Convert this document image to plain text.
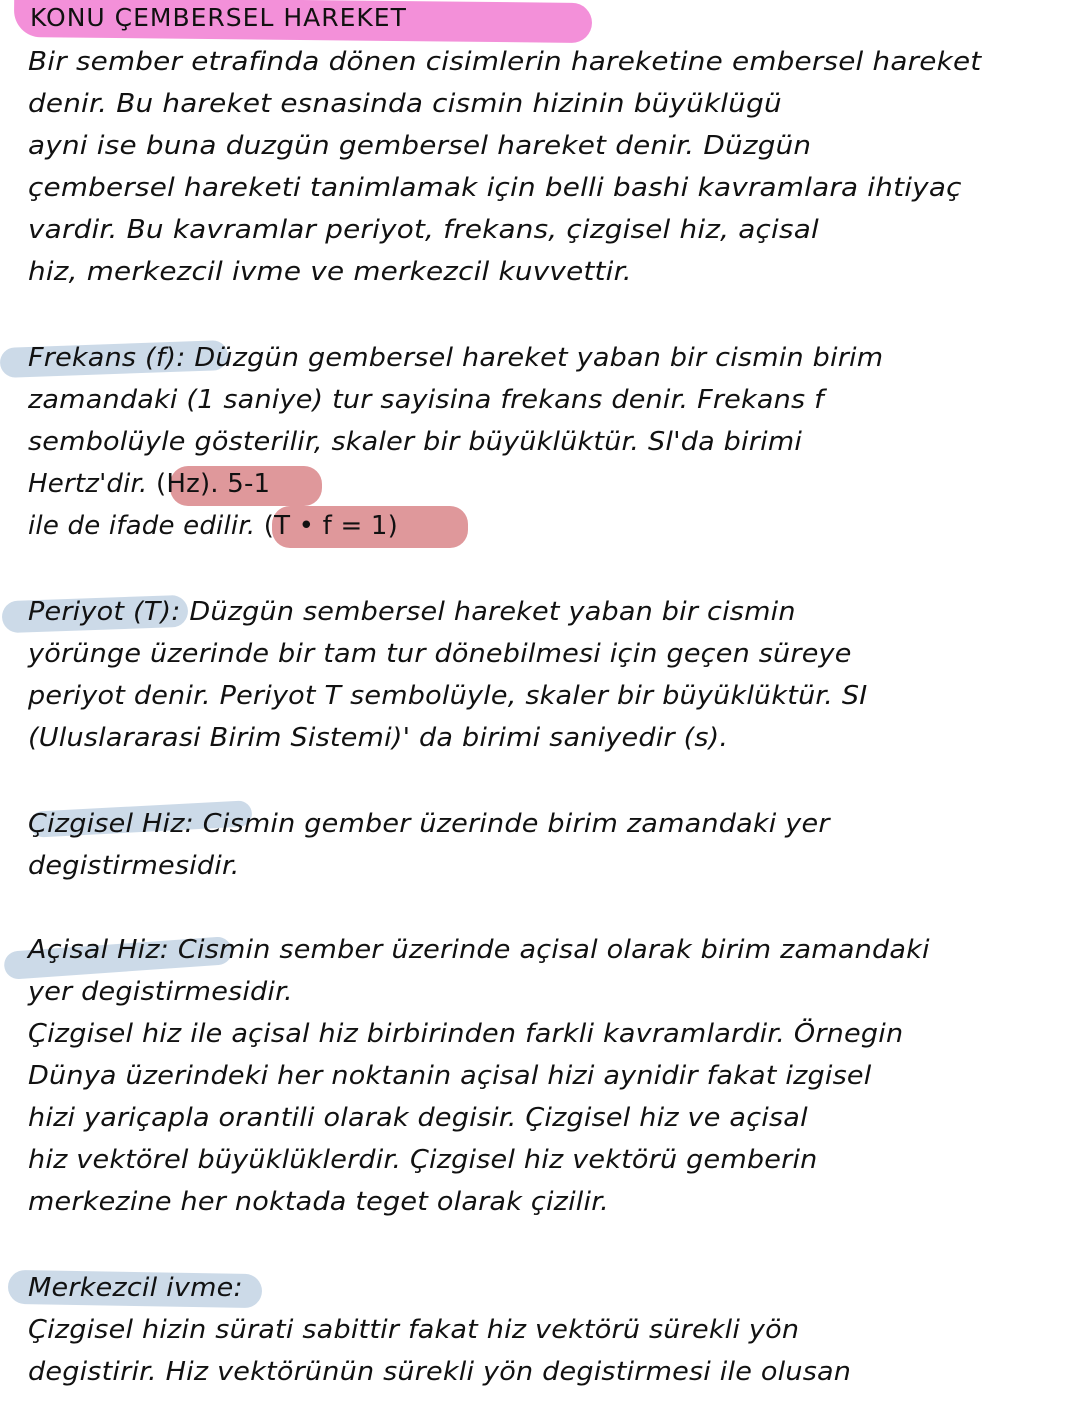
KONU ÇEMBERSEL HAREKET
Bir sember etrafinda dönen cisimlerin hareketine embersel hareket
denir. Bu hareket esnasinda cismin hizinin büyüklügü
ayni ise buna duzgün gembersel hareket denir. Düzgün
çembersel hareketi tanimlamak için belli bashi kavramlara ihtiyaç
vardir. Bu kavramlar periyot, frekans, çizgisel hiz, açisal
hiz, merkezcil ivme ve merkezcil kuvvettir.
Frekans (f): Düzgün gembersel hareket yaban bir cismin birim
zamandaki (1 saniye) tur sayisina frekans denir. Frekans f
sembolüyle gösterilir, skaler bir büyüklüktür. Sl'da birimi
Hertz'dir. (Hz). 5-1
ile de ifade edilir. (T • f = 1)
Periyot (T): Düzgün sembersel hareket yaban bir cismin
yörünge üzerinde bir tam tur dönebilmesi için geçen süreye
periyot denir. Periyot T sembolüyle, skaler bir büyüklüktür. SI
(Uluslararasi Birim Sistemi)' da birimi saniyedir (s).
Çizgisel Hiz: Cismin gember üzerinde birim zamandaki yer
degistirmesidir.
Açisal Hiz: Cismin sember üzerinde açisal olarak birim zamandaki
yer degistirmesidir.
Çizgisel hiz ile açisal hiz birbirinden farkli kavramlardir. Örnegin
Dünya üzerindeki her noktanin açisal hizi aynidir fakat izgisel
hizi yariçapla orantili olarak degisir. Çizgisel hiz ve açisal
hiz vektörel büyüklüklerdir. Çizgisel hiz vektörü gemberin
merkezine her noktada teget olarak çizilir.
Merkezcil ivme:
Çizgisel hizin sürati sabittir fakat hiz vektörü sürekli yön
degistirir. Hiz vektörünün sürekli yön degistirmesi ile olusan
